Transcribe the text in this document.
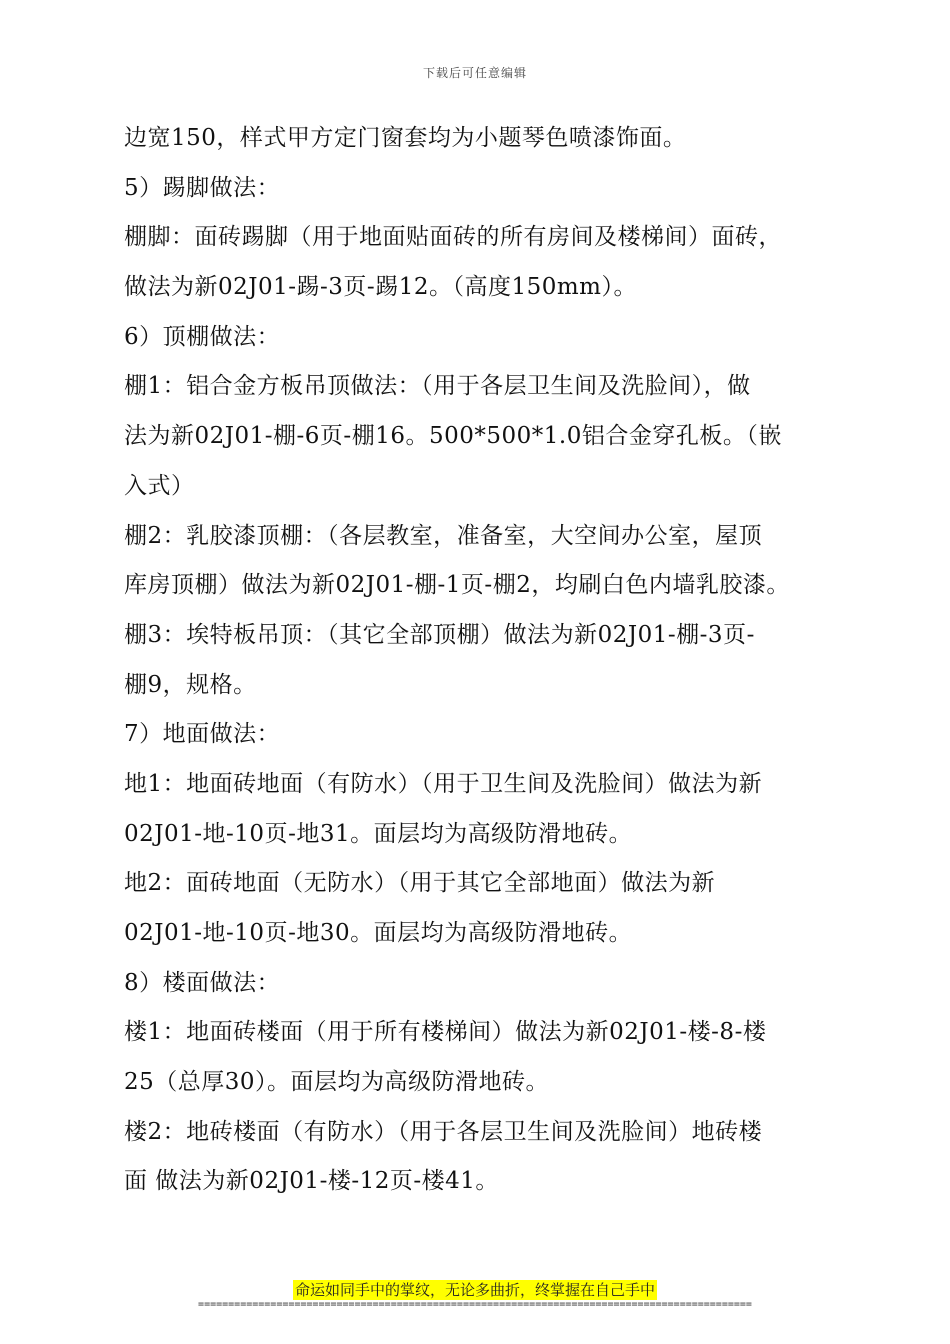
下载后可任意编辑
边宽150，样式甲方定门窗套均为小题琴色喷漆饰面。
5）踢脚做法：
棚脚：面砖踢脚（用于地面贴面砖的所有房间及楼梯间）面砖，
做法为新02J01-踢-3页-踢12。（高度150mm）。
6）顶棚做法：
棚1：铝合金方板吊顶做法：（用于各层卫生间及洗脸间），做
法为新02J01-棚-6页-棚16。500*500*1.0铝合金穿孔板。（嵌
入式）
棚2：乳胶漆顶棚：（各层教室，准备室，大空间办公室，屋顶
库房顶棚）做法为新02J01-棚-1页-棚2，均刷白色内墙乳胶漆。
棚3：埃特板吊顶：（其它全部顶棚）做法为新02J01-棚-3页-
棚9，规格。
7）地面做法：
地1：地面砖地面（有防水）（用于卫生间及洗脸间）做法为新
02J01-地-10页-地31。面层均为高级防滑地砖。
地2：面砖地面（无防水）（用于其它全部地面）做法为新
02J01-地-10页-地30。面层均为高级防滑地砖。
8）楼面做法：
楼1：地面砖楼面（用于所有楼梯间）做法为新02J01-楼-8-楼
25（总厚30）。面层均为高级防滑地砖。
楼2：地砖楼面（有防水）（用于各层卫生间及洗脸间）地砖楼
面 做法为新02J01-楼-12页-楼41。
命运如同手中的掌纹，无论多曲折，终掌握在自己手中
============================================================================================
